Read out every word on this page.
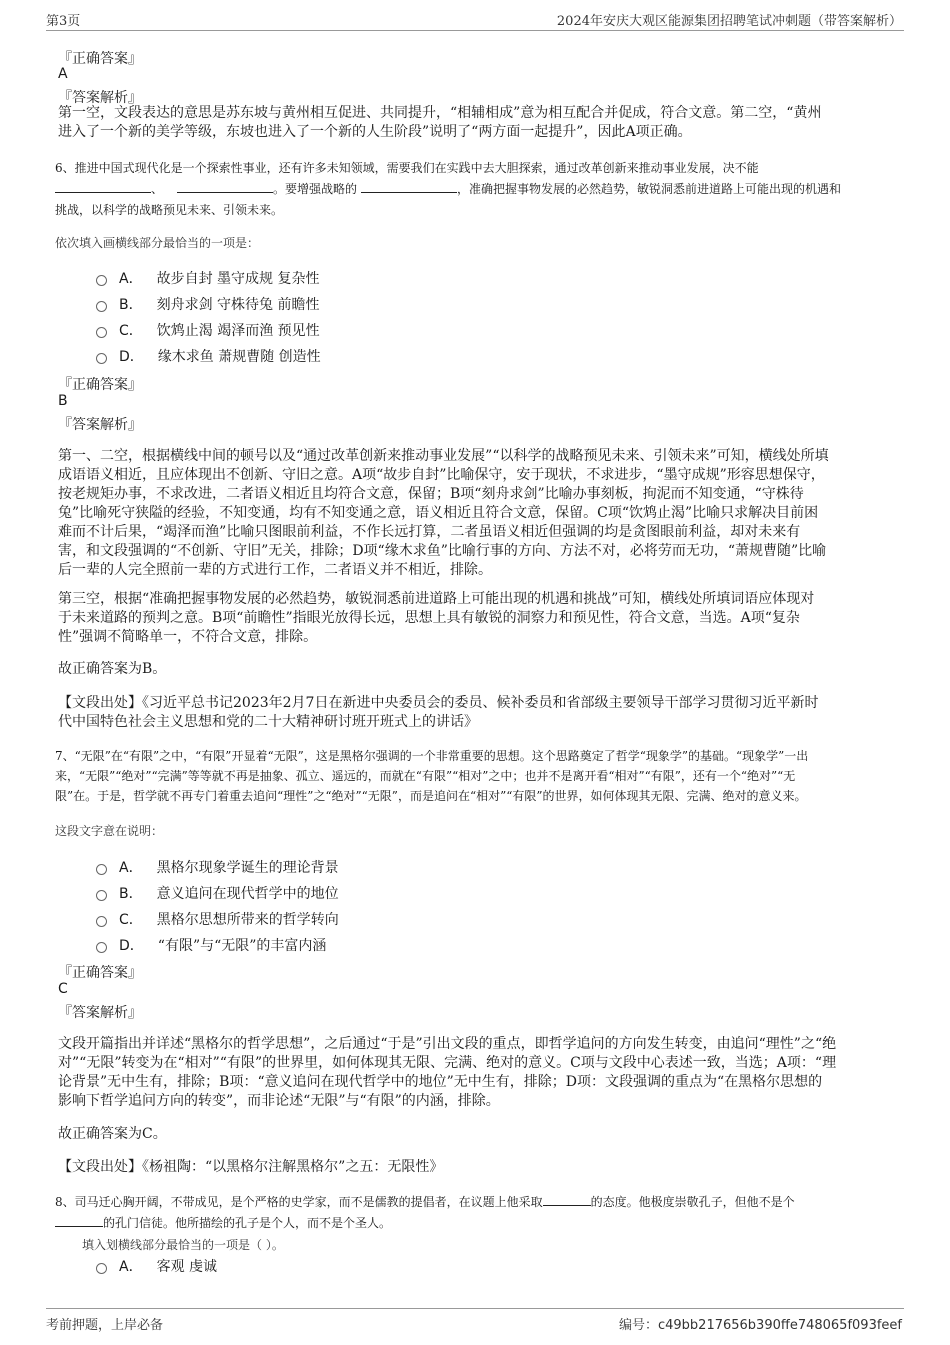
第3页	2024年安庆大观区能源集团招聘笔试冲刺题（带答案解析）
『正确答案』
A
『答案解析』
第一空，文段表达的意思是苏东坡与黄州相互促进、共同提升，“相辅相成”意为相互配合并促成，符合文意。第二空，“黄州
进入了一个新的美学等级，东坡也进入了一个新的人生阶段”说明了“两方面一起提升”，因此A项正确。
6、推进中国式现代化是一个探索性事业，还有许多未知领域，需要我们在实践中去大胆探索，通过改革创新来推动事业发展，决不能
、	。要增强战略的	，准确把握事物发展的必然趋势，敏锐洞悉前进道路上可能出现的机遇和
挑战，以科学的战略预见未来、引领未来。
依次填入画横线部分最恰当的一项是：
A． 故步自封 墨守成规 复杂性
B． 刻舟求剑 守株待兔 前瞻性
C． 饮鸩止渴 竭泽而渔 预见性
D． 缘木求鱼 萧规曹随 创造性
『正确答案』
B
『答案解析』
第一、二空，根据横线中间的顿号以及“通过改革创新来推动事业发展”“以科学的战略预见未来、引领未来”可知，横线处所填
成语语义相近，且应体现出不创新、守旧之意。A项“故步自封”比喻保守，安于现状，不求进步，“墨守成规”形容思想保守，
按老规矩办事，不求改进，二者语义相近且均符合文意，保留；B项“刻舟求剑”比喻办事刻板，拘泥而不知变通，“守株待
兔”比喻死守狭隘的经验，不知变通，均有不知变通之意，语义相近且符合文意，保留。C项“饮鸩止渴”比喻只求解决目前困
难而不计后果，“竭泽而渔”比喻只图眼前利益，不作长远打算，二者虽语义相近但强调的均是贪图眼前利益，却对未来有
害，和文段强调的“不创新、守旧”无关，排除；D项“缘木求鱼”比喻行事的方向、方法不对，必将劳而无功，“萧规曹随”比喻
后一辈的人完全照前一辈的方式进行工作，二者语义并不相近，排除。
第三空，根据“准确把握事物发展的必然趋势，敏锐洞悉前进道路上可能出现的机遇和挑战”可知，横线处所填词语应体现对
于未来道路的预判之意。B项“前瞻性”指眼光放得长远，思想上具有敏锐的洞察力和预见性，符合文意，当选。A项“复杂
性”强调不简略单一，不符合文意，排除。
故正确答案为B。
【文段出处】《习近平总书记2023年2月7日在新进中央委员会的委员、候补委员和省部级主要领导干部学习贯彻习近平新时
代中国特色社会主义思想和党的二十大精神研讨班开班式上的讲话》
7、“无限”在“有限”之中，“有限”开显着“无限”，这是黑格尔强调的一个非常重要的思想。这个思路奠定了哲学“现象学”的基础。“现象学”一出
来，“无限”“绝对”“完满”等等就不再是抽象、孤立、遥远的，而就在“有限”“相对”之中；也并不是离开看“相对”“有限”，还有一个“绝对”“无
限”在。于是，哲学就不再专门着重去追问“理性”之“绝对”“无限”，而是追问在“相对”“有限”的世界，如何体现其无限、完满、绝对的意义来。
这段文字意在说明：
A． 黑格尔现象学诞生的理论背景
B． 意义追问在现代哲学中的地位
C． 黑格尔思想所带来的哲学转向
D． “有限”与“无限”的丰富内涵
『正确答案』
C
『答案解析』
文段开篇指出并详述“黑格尔的哲学思想”，之后通过“于是”引出文段的重点，即哲学追问的方向发生转变，由追问“理性”之“绝
对”“无限”转变为在“相对”“有限”的世界里，如何体现其无限、完满、绝对的意义。C项与文段中心表述一致，当选；A项：“理
论背景”无中生有，排除；B项：“意义追问在现代哲学中的地位”无中生有，排除；D项：文段强调的重点为“在黑格尔思想的
影响下哲学追问方向的转变”，而非论述“无限”与“有限”的内涵，排除。
故正确答案为C。
【文段出处】《杨祖陶：“以黑格尔注解黑格尔”之五：无限性》
8、司马迁心胸开阔，不带成见，是个严格的史学家，而不是儒教的提倡者，在议题上他采取	的态度。他极度崇敬孔子，但他不是个
的孔门信徒。他所描绘的孔子是个人，而不是个圣人。
填入划横线部分最恰当的一项是（ ）。
A． 客观 虔诚
考前押题，上岸必备	编号：c49bb217656b390ffe748065f093feef
